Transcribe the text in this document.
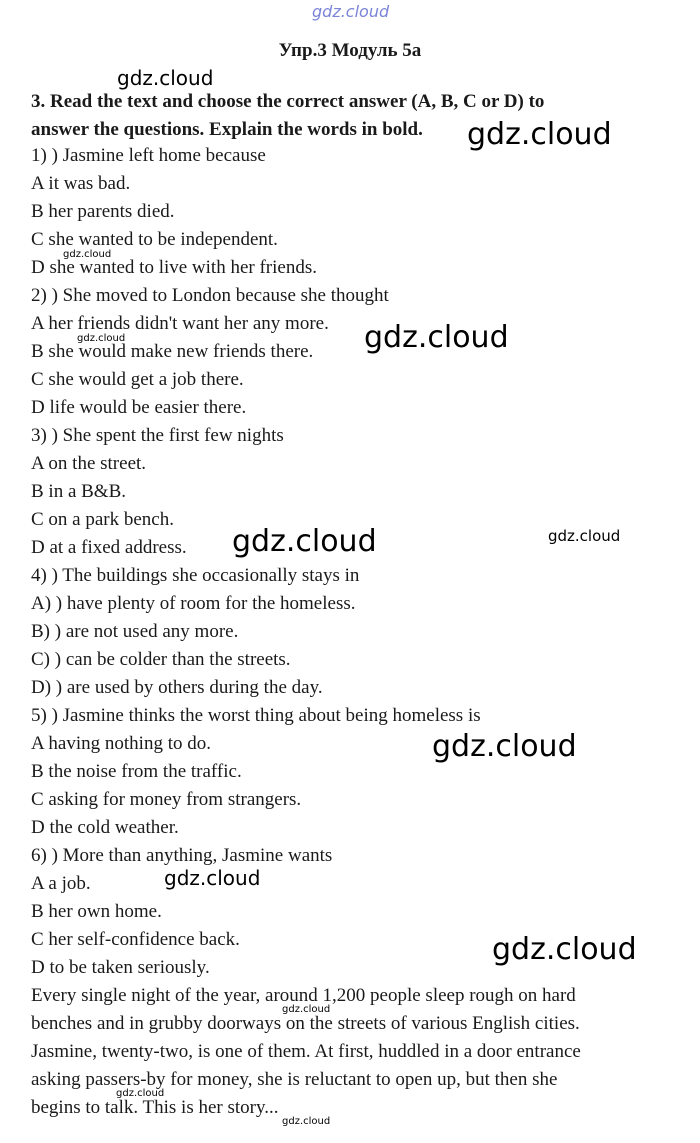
gdz.cloud
Упр.3 Модуль 5а
3. Read the text and choose the correct answer (A, B, C or D) to
answer the questions. Explain the words in bold.
1) ) Jasmine left home because
A it was bad.
B her parents died.
C she wanted to be independent.
D she wanted to live with her friends.
2) ) She moved to London because she thought
A her friends didn't want her any more.
B she would make new friends there.
C she would get a job there.
D life would be easier there.
3) ) She spent the first few nights
A on the street.
B in a B&B.
C on a park bench.
D at a fixed address.
4) ) The buildings she occasionally stays in
A) ) have plenty of room for the homeless.
B) ) are not used any more.
C) ) can be colder than the streets.
D) ) are used by others during the day.
5) ) Jasmine thinks the worst thing about being homeless is
A having nothing to do.
B the noise from the traffic.
C asking for money from strangers.
D the cold weather.
6) ) More than anything, Jasmine wants
A a job.
B her own home.
C her self-confidence back.
D to be taken seriously.
Every single night of the year, around 1,200 people sleep rough on hard
benches and in grubby doorways on the streets of various English cities.
Jasmine, twenty-two, is one of them. At first, huddled in a door entrance
asking passers-by for money, she is reluctant to open up, but then she
begins to talk. This is her story...
gdz.cloud
gdz.cloud
gdz.cloud
gdz.cloud
gdz.cloud
gdz.cloud	gdz.cloud
gdz.cloud
gdz.cloud
gdz.cloud
gdz.cloud
gdz.cloud
gdz.cloud
